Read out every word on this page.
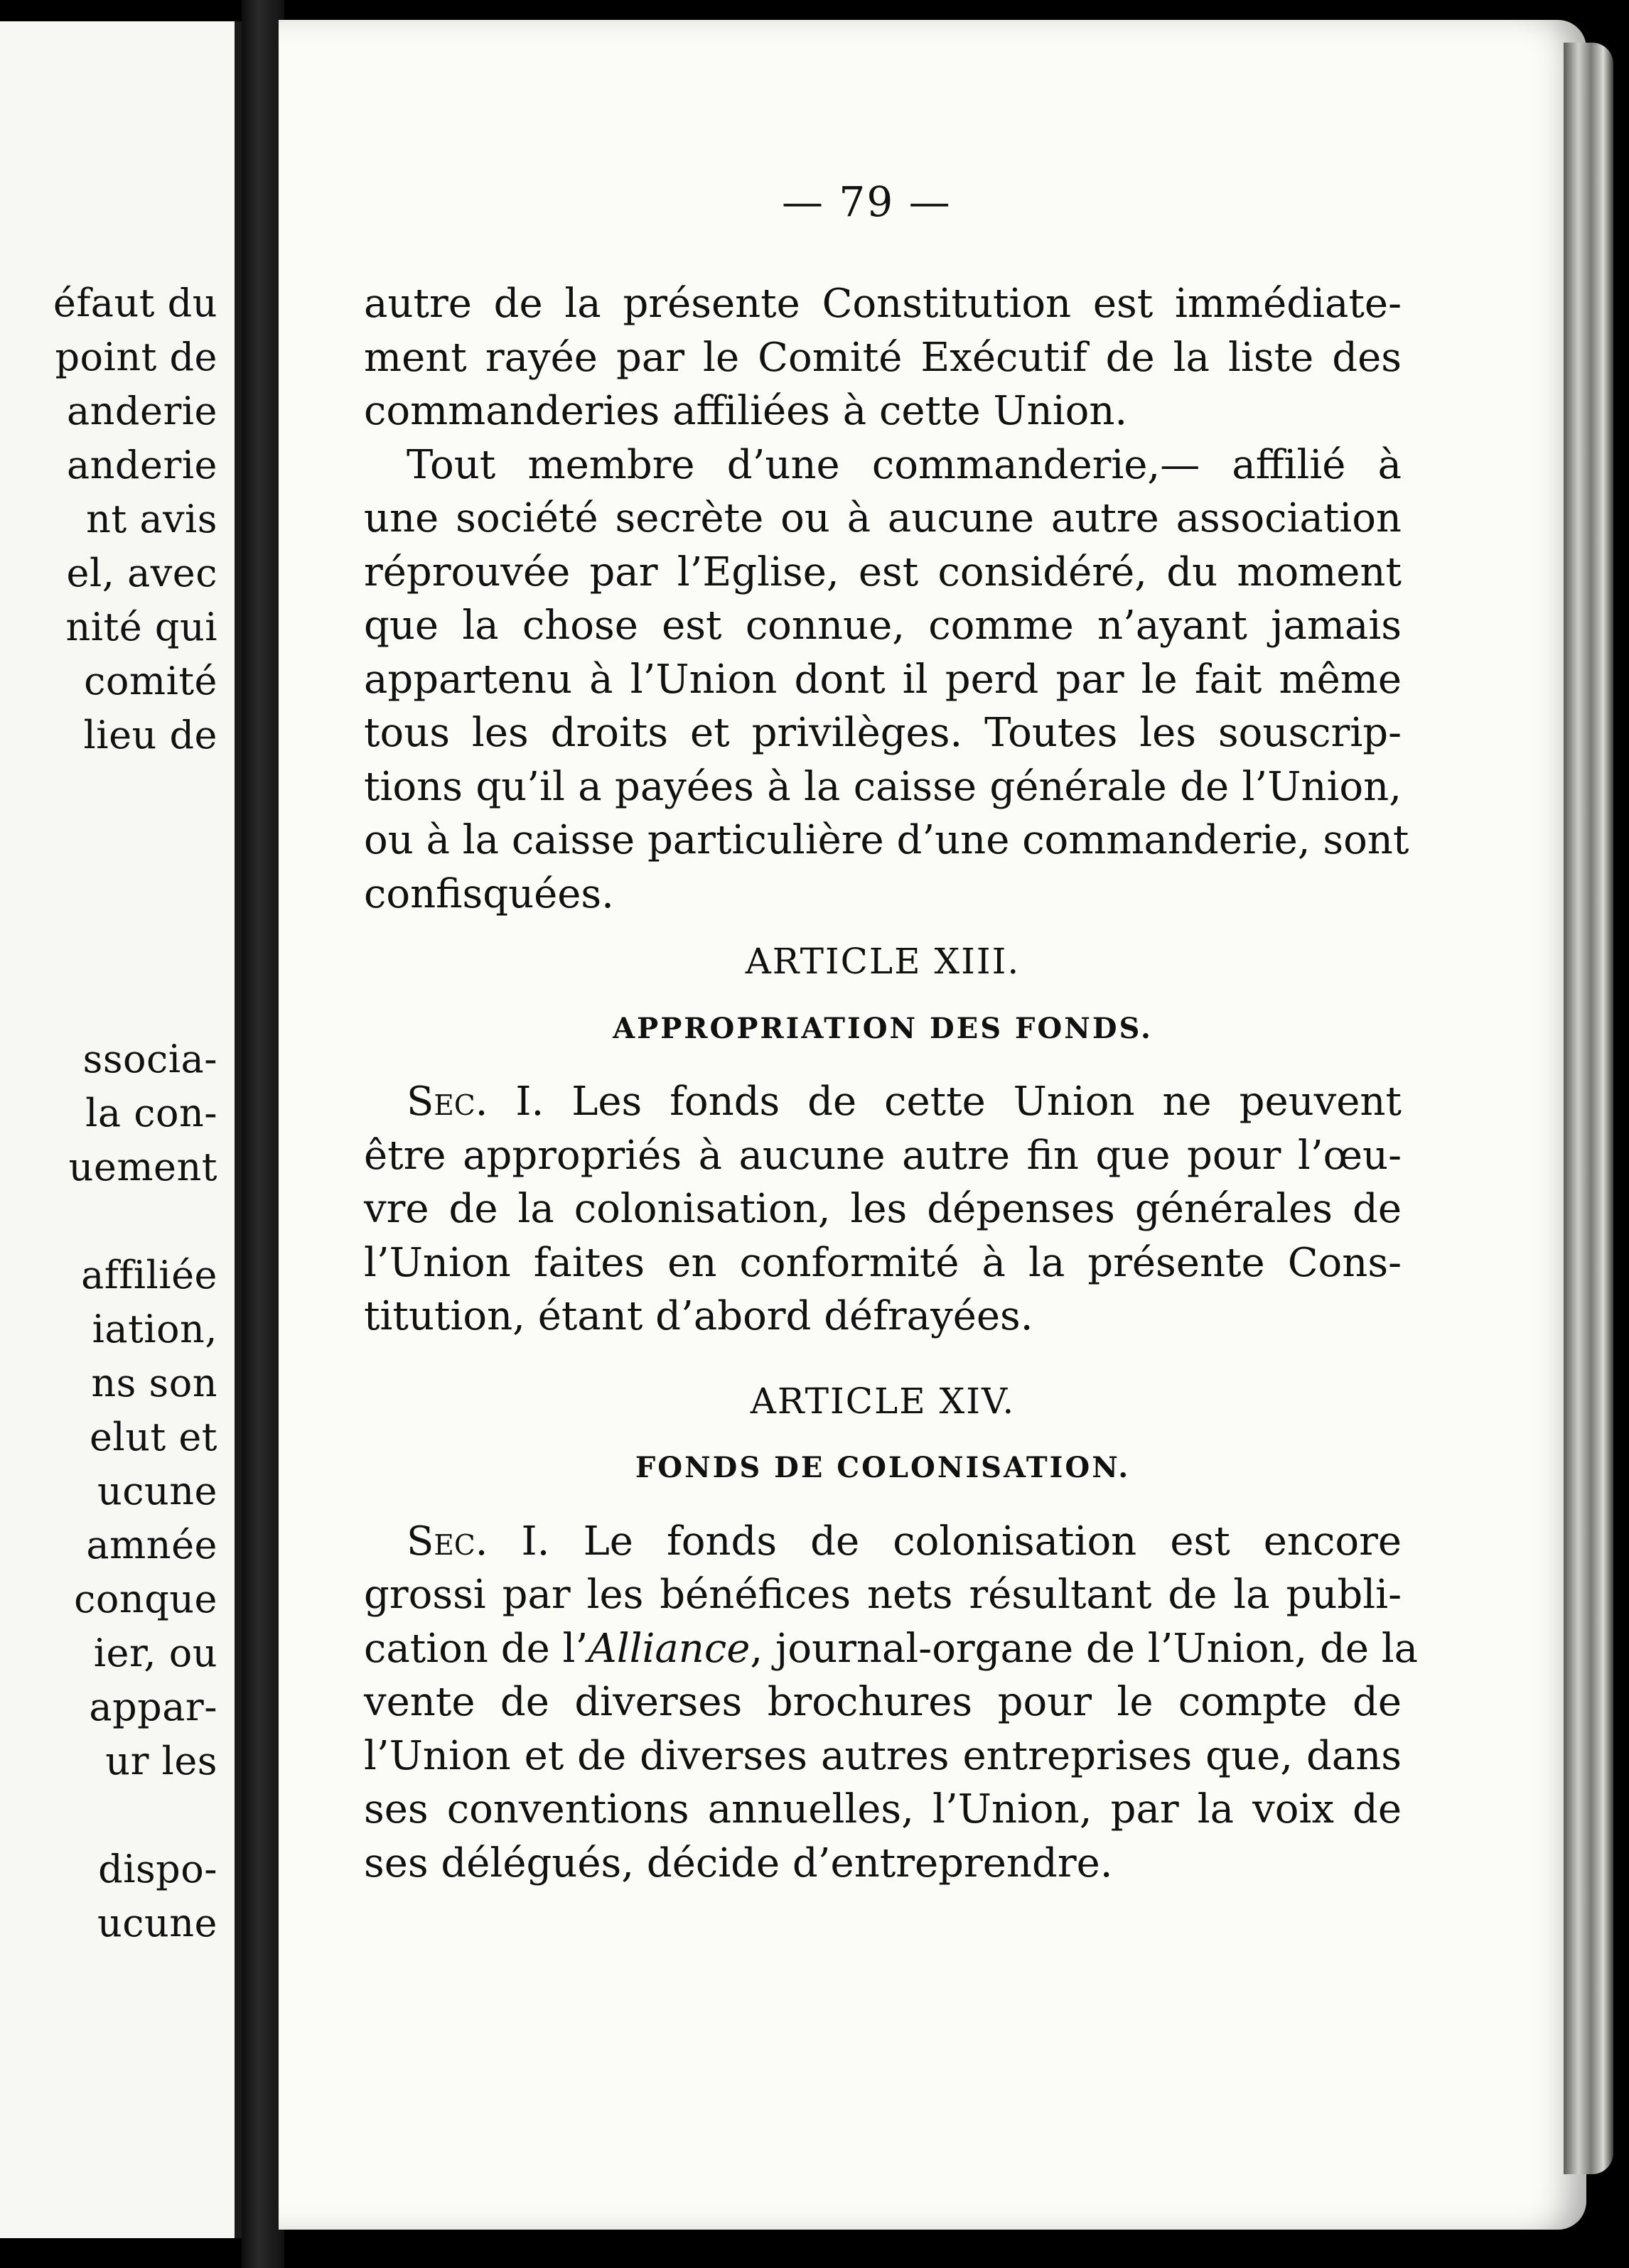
éfaut du
point de
anderie
anderie
nt avis
el, avec
nité qui
comité
lieu de
ssocia-
la con-
uement
affiliée
iation,
ns son
elut et
ucune
amnée
conque
ier, ou
appar-
ur les
dispo-
ucune
— 79 —
autre de la présente Constitution est immédiate-
ment rayée par le Comité Exécutif de la liste des
commanderies affiliées à cette Union.
Tout membre d’une commanderie,— affilié à
une société secrète ou à aucune autre association
réprouvée par l’Eglise, est considéré, du moment
que la chose est connue, comme n’ayant jamais
appartenu à l’Union dont il perd par le fait même
tous les droits et privilèges. Toutes les souscrip-
tions qu’il a payées à la caisse générale de l’Union,
ou à la caisse particulière d’une commanderie, sont
confisquées.
ARTICLE XIII.
APPROPRIATION DES FONDS.
Sec. I. Les fonds de cette Union ne peuvent
être appropriés à aucune autre fin que pour l’œu-
vre de la colonisation, les dépenses générales de
l’Union faites en conformité à la présente Cons-
titution, étant d’abord défrayées.
ARTICLE XIV.
FONDS DE COLONISATION.
Sec. I. Le fonds de colonisation est encore
grossi par les bénéfices nets résultant de la publi-
cation de l’Alliance, journal-organe de l’Union, de la
vente de diverses brochures pour le compte de
l’Union et de diverses autres entreprises que, dans
ses conventions annuelles, l’Union, par la voix de
ses délégués, décide d’entreprendre.
